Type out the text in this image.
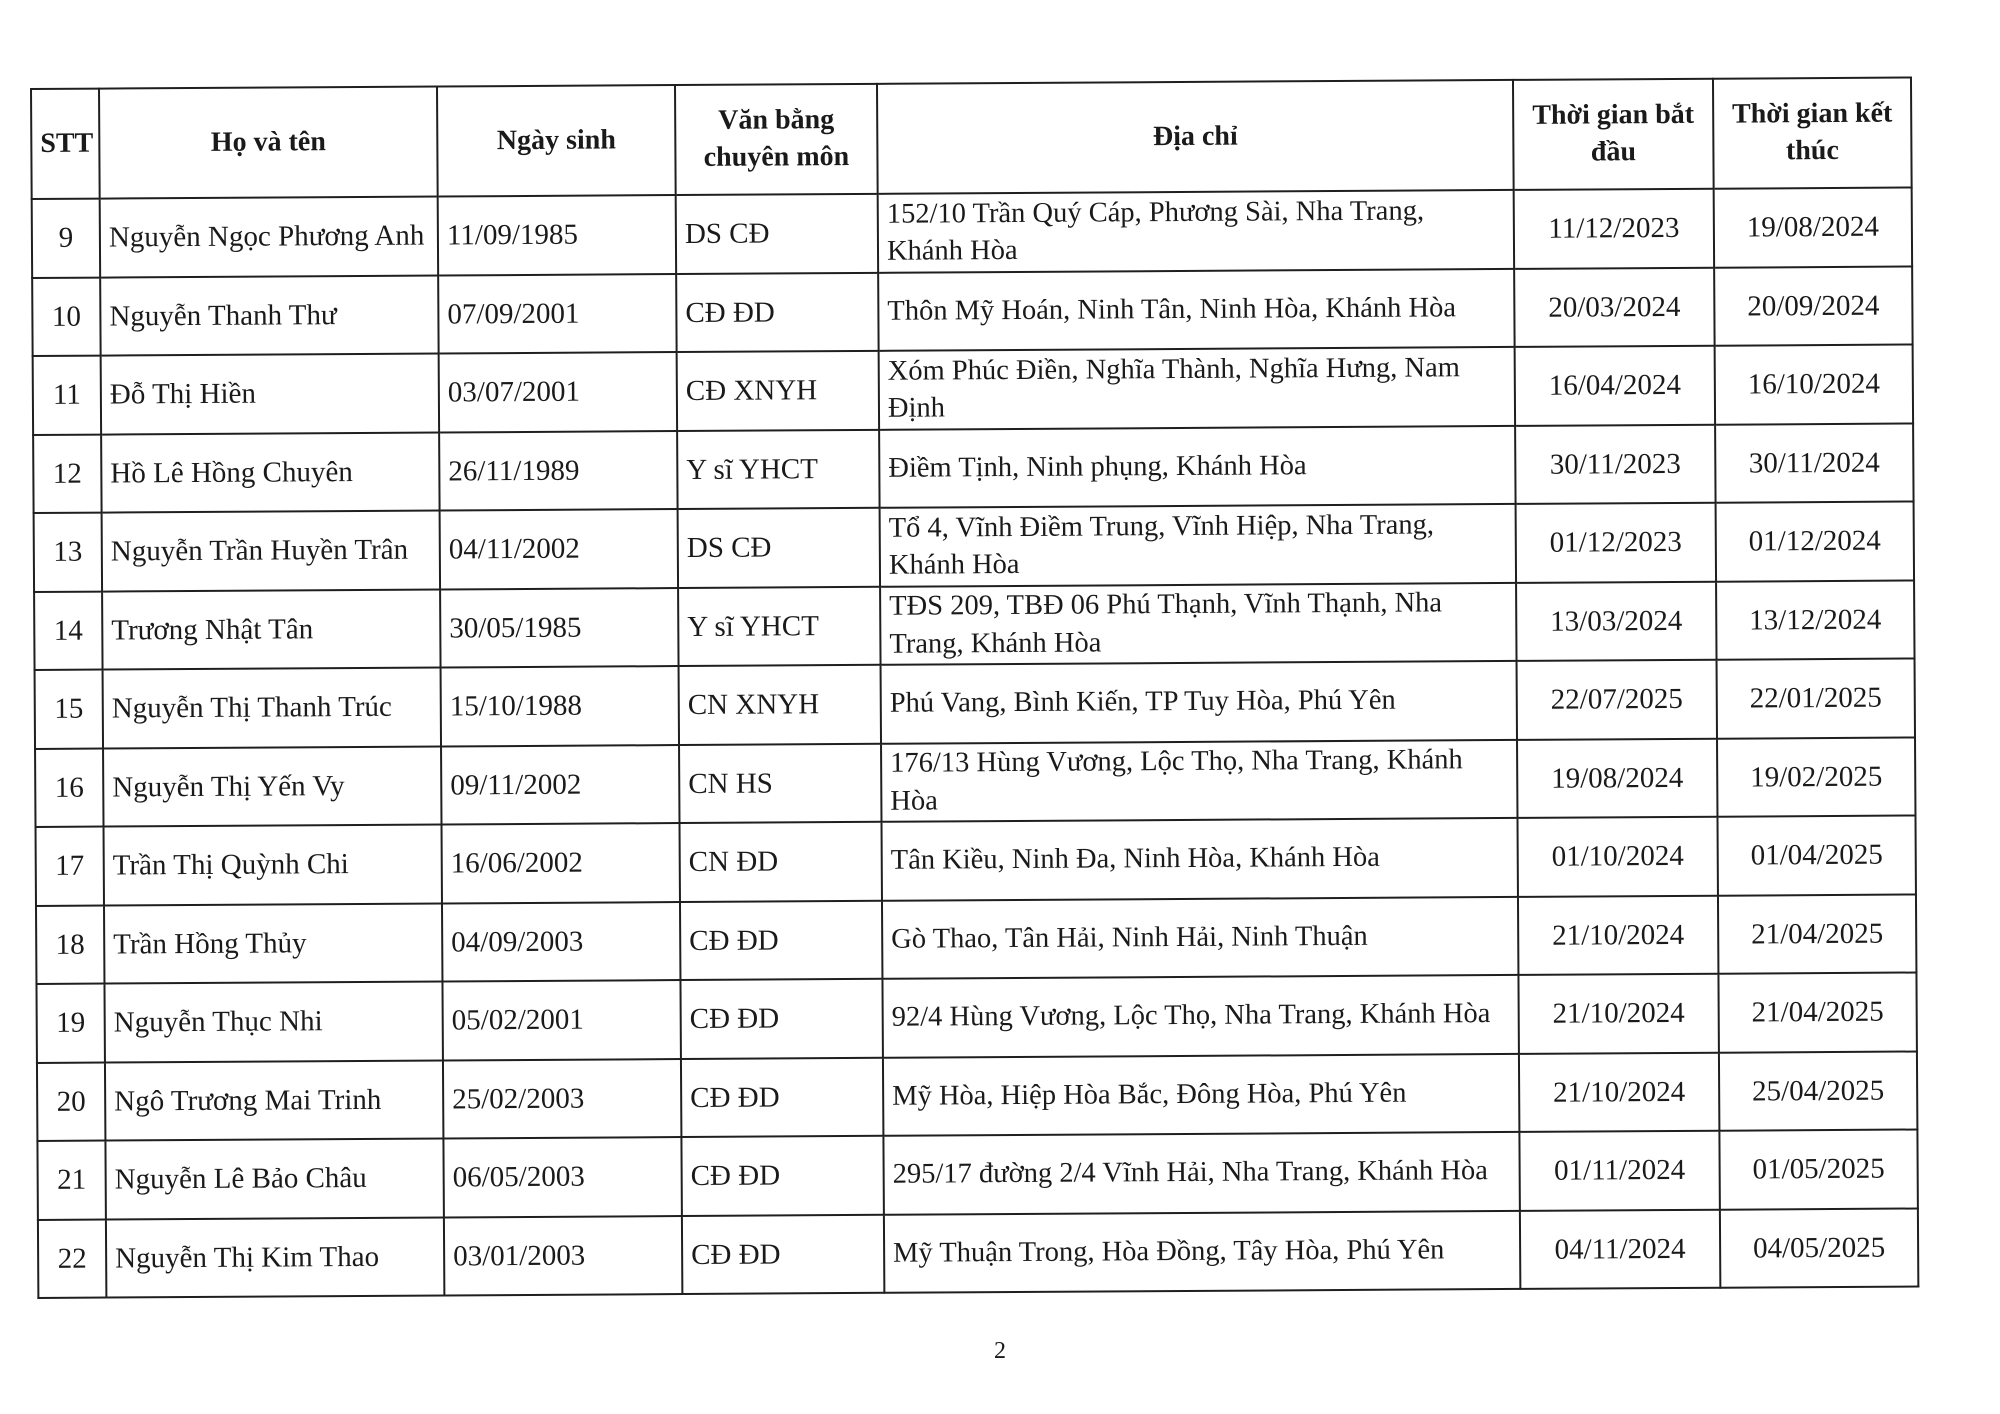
STT	Họ và tên	Ngày sinh	Văn bằng chuyên môn	Địa chỉ	Thời gian bắt đầu	Thời gian kết thúc
9	Nguyễn Ngọc Phương Anh	11/09/1985	DS CĐ	152/10 Trần Quý Cáp, Phương Sài, Nha Trang, Khánh Hòa	11/12/2023	19/08/2024
10	Nguyễn Thanh Thư	07/09/2001	CĐ ĐD	Thôn Mỹ Hoán, Ninh Tân, Ninh Hòa, Khánh Hòa	20/03/2024	20/09/2024
11	Đỗ Thị Hiền	03/07/2001	CĐ XNYH	Xóm Phúc Điền, Nghĩa Thành, Nghĩa Hưng, Nam Định	16/04/2024	16/10/2024
12	Hồ Lê Hồng Chuyên	26/11/1989	Y sĩ YHCT	Điềm Tịnh, Ninh phụng, Khánh Hòa	30/11/2023	30/11/2024
13	Nguyễn Trần Huyền Trân	04/11/2002	DS CĐ	Tổ 4, Vĩnh Điềm Trung, Vĩnh Hiệp, Nha Trang, Khánh Hòa	01/12/2023	01/12/2024
14	Trương Nhật Tân	30/05/1985	Y sĩ YHCT	TĐS 209, TBĐ 06 Phú Thạnh, Vĩnh Thạnh, Nha Trang, Khánh Hòa	13/03/2024	13/12/2024
15	Nguyễn Thị Thanh Trúc	15/10/1988	CN XNYH	Phú Vang, Bình Kiến, TP Tuy Hòa, Phú Yên	22/07/2025	22/01/2025
16	Nguyễn Thị Yến Vy	09/11/2002	CN HS	176/13 Hùng Vương, Lộc Thọ, Nha Trang, Khánh Hòa	19/08/2024	19/02/2025
17	Trần Thị Quỳnh Chi	16/06/2002	CN ĐD	Tân Kiều, Ninh Đa, Ninh Hòa, Khánh Hòa	01/10/2024	01/04/2025
18	Trần Hồng Thủy	04/09/2003	CĐ ĐD	Gò Thao, Tân Hải, Ninh Hải, Ninh Thuận	21/10/2024	21/04/2025
19	Nguyễn Thục Nhi	05/02/2001	CĐ ĐD	92/4 Hùng Vương, Lộc Thọ, Nha Trang, Khánh Hòa	21/10/2024	21/04/2025
20	Ngô Trương Mai Trinh	25/02/2003	CĐ ĐD	Mỹ Hòa, Hiệp Hòa Bắc, Đông Hòa, Phú Yên	21/10/2024	25/04/2025
21	Nguyễn Lê Bảo Châu	06/05/2003	CĐ ĐD	295/17 đường 2/4 Vĩnh Hải, Nha Trang, Khánh Hòa	01/11/2024	01/05/2025
22	Nguyễn Thị Kim Thao	03/01/2003	CĐ ĐD	Mỹ Thuận Trong, Hòa Đồng, Tây Hòa, Phú Yên	04/11/2024	04/05/2025
2
